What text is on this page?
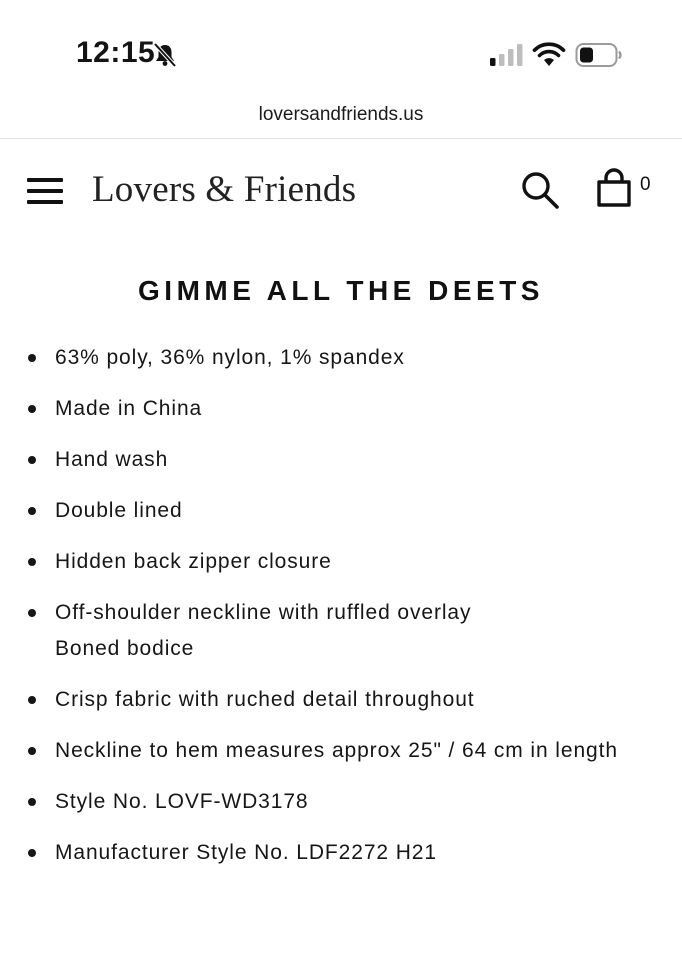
12:15
loversandfriends.us
Lovers & Friends	0
GIMME ALL THE DEETS
63% poly, 36% nylon, 1% spandex
Made in China
Hand wash
Double lined
Hidden back zipper closure
Off-shoulder neckline with ruffled overlay
Boned bodice
Crisp fabric with ruched detail throughout
Neckline to hem measures approx 25" / 64 cm in length
Style No. LOVF-WD3178
Manufacturer Style No. LDF2272 H21
